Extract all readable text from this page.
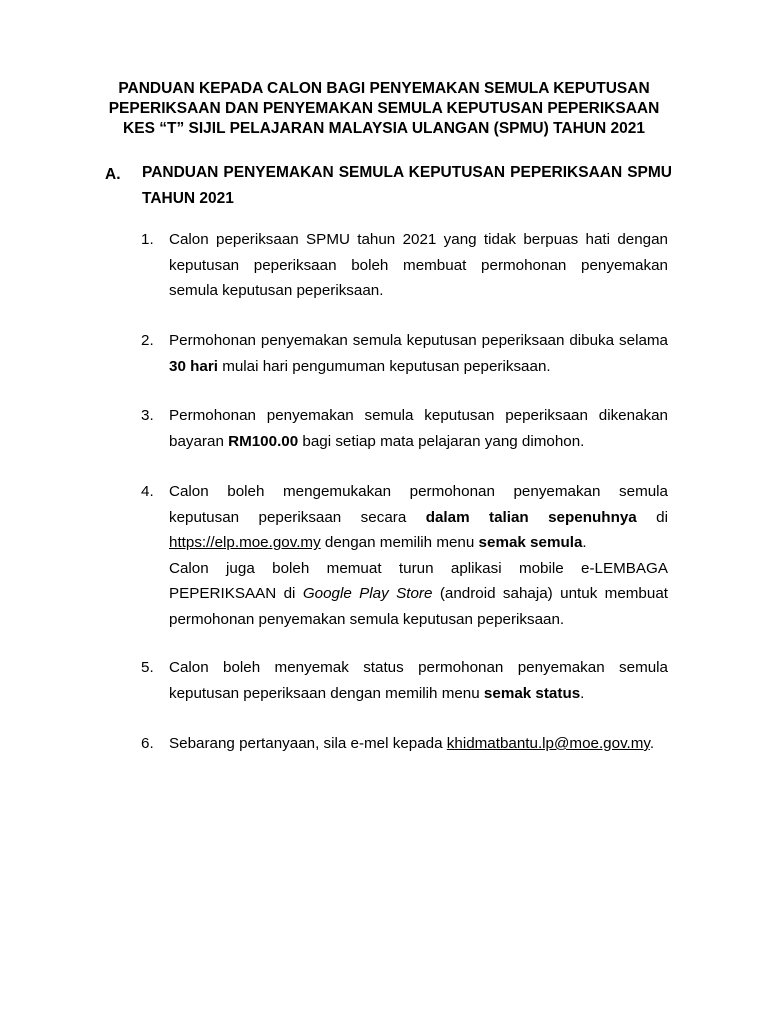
PANDUAN KEPADA CALON BAGI PENYEMAKAN SEMULA KEPUTUSAN
PEPERIKSAAN DAN PENYEMAKAN SEMULA KEPUTUSAN PEPERIKSAAN
KES “T” SIJIL PELAJARAN MALAYSIA ULANGAN (SPMU) TAHUN 2021
A. PANDUAN PENYEMAKAN SEMULA KEPUTUSAN PEPERIKSAAN SPMU
TAHUN 2021
1.	Calon peperiksaan SPMU tahun 2021 yang tidak berpuas hati dengan
keputusan peperiksaan boleh membuat permohonan penyemakan
semula keputusan peperiksaan.
2.	Permohonan penyemakan semula keputusan peperiksaan dibuka selama
30 hari mulai hari pengumuman keputusan peperiksaan.
3.	Permohonan penyemakan semula keputusan peperiksaan dikenakan
bayaran RM100.00 bagi setiap mata pelajaran yang dimohon.
4.	Calon boleh mengemukakan permohonan penyemakan semula
keputusan peperiksaan secara dalam talian sepenuhnya di
https://elp.moe.gov.my dengan memilih menu semak semula.
Calon juga boleh memuat turun aplikasi mobile e-LEMBAGA
PEPERIKSAAN di Google Play Store (android sahaja) untuk membuat
permohonan penyemakan semula keputusan peperiksaan.
5.	Calon boleh menyemak status permohonan penyemakan semula
keputusan peperiksaan dengan memilih menu semak status.
6.	Sebarang pertanyaan, sila e-mel kepada khidmatbantu.lp@moe.gov.my.
